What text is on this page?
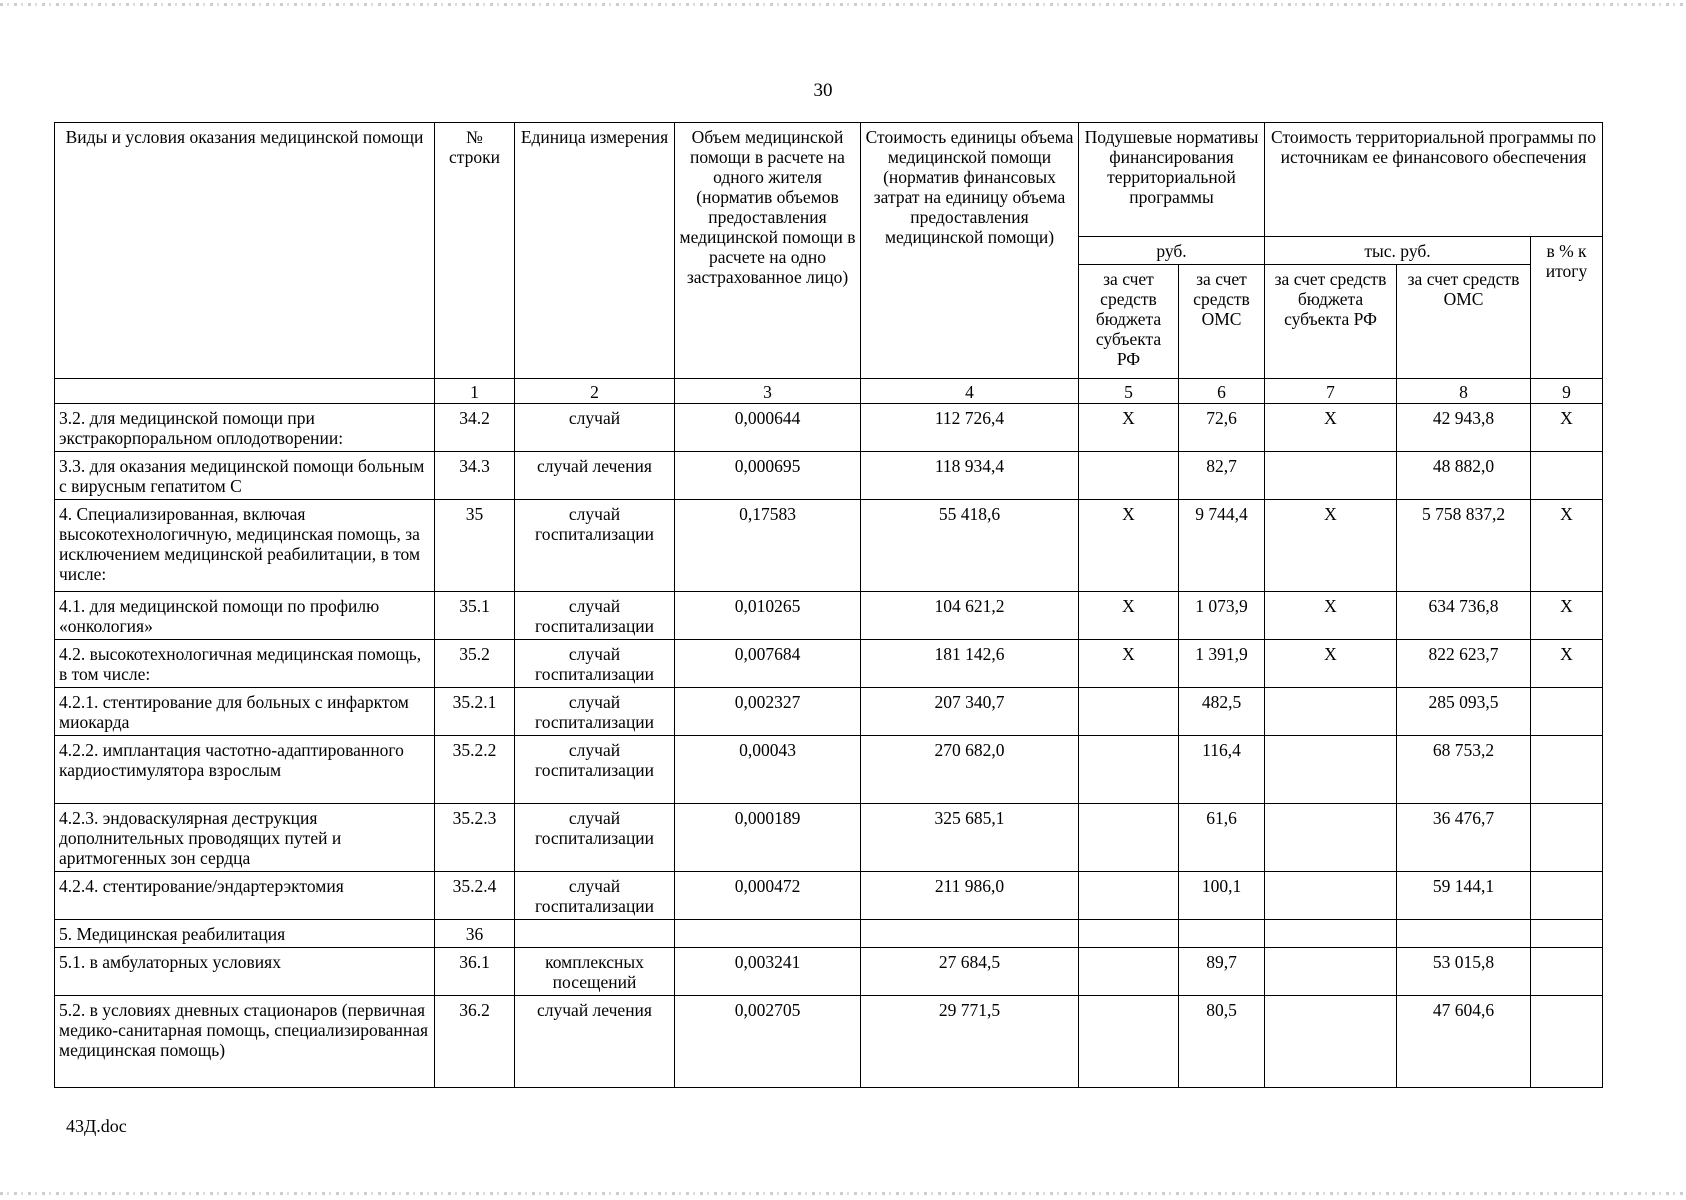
30
Виды и условия оказания медицинской помощи	№ строки	Единица измерения	Объем медицинской помощи в расчете на одного жителя (норматив объемов предоставления медицинской помощи в расчете на одно застрахованное лицо)	Стоимость единицы объема медицинской помощи (норматив финансовых затрат на единицу объема предоставления медицинской помощи)	Подушевые нормативы финансирования территориальной программы		Стоимость территориальной программы по источникам ее финансового обеспечения		
					руб.		тыс. руб.		в % к итогу
					за счет средств бюджета субъекта РФ	за счет средств ОМС	за счет средств бюджета субъекта РФ	за счет средств ОМС	
	1	2	3	4	5	6	7	8	9
3.2. для медицинской помощи при экстракорпоральном оплодотворении:	34.2	случай	0,000644	112 726,4	X	72,6	X	42 943,8	X
3.3. для оказания медицинской помощи больным с вирусным гепатитом С	34.3	случай лечения	0,000695	118 934,4		82,7		48 882,0	
4. Специализированная, включая высокотехнологичную, медицинская помощь, за исключением медицинской реабилитации, в том числе:	35	случай госпитализации	0,17583	55 418,6	X	9 744,4	X	5 758 837,2	X
4.1. для медицинской помощи по профилю «онкология»	35.1	случай госпитализации	0,010265	104 621,2	X	1 073,9	X	634 736,8	X
4.2. высокотехнологичная медицинская помощь, в том числе:	35.2	случай госпитализации	0,007684	181 142,6	X	1 391,9	X	822 623,7	X
4.2.1. стентирование для больных с инфарктом миокарда	35.2.1	случай госпитализации	0,002327	207 340,7		482,5		285 093,5	
4.2.2. имплантация частотно-адаптированного кардиостимулятора взрослым	35.2.2	случай госпитализации	0,00043	270 682,0		116,4		68 753,2	
4.2.3. эндоваскулярная деструкция дополнительных проводящих путей и аритмогенных зон сердца	35.2.3	случай госпитализации	0,000189	325 685,1		61,6		36 476,7	
4.2.4. стентирование/эндартерэктомия	35.2.4	случай госпитализации	0,000472	211 986,0		100,1		59 144,1	
5. Медицинская реабилитация	36								
5.1. в амбулаторных условиях	36.1	комплексных посещений	0,003241	27 684,5		89,7		53 015,8	
5.2. в условиях дневных стационаров (первичная медико-санитарная помощь, специализированная медицинская помощь)	36.2	случай лечения	0,002705	29 771,5		80,5		47 604,6	
43Д.doc
